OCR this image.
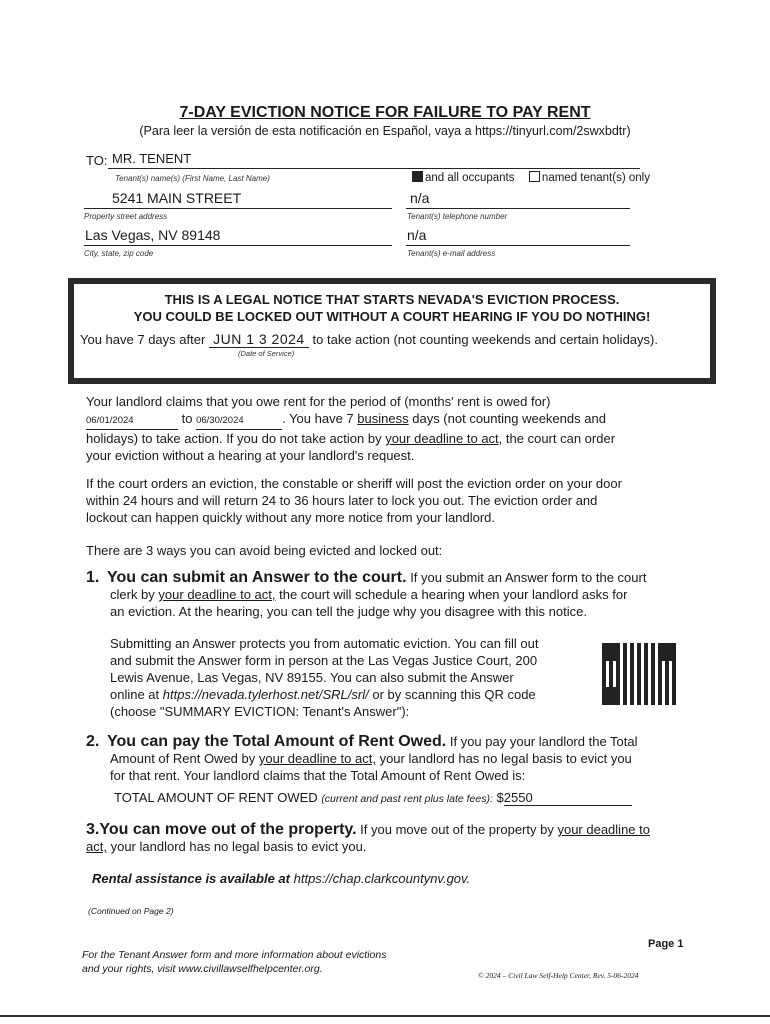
7-DAY EVICTION NOTICE FOR FAILURE TO PAY RENT
(Para leer la versión de esta notificación en Español, vaya a https://tinyurl.com/2swxbdtr)
TO: MR. TENENT
Tenant(s) name(s) (First Name, Last Name)	and all occupants named tenant(s) only
5241 MAIN STREET
Property street address
n/a
Tenant(s) telephone number
Las Vegas, NV 89148
City, state, zip code
n/a
Tenant(s) e-mail address
THIS IS A LEGAL NOTICE THAT STARTS NEVADA'S EVICTION PROCESS.
YOU COULD BE LOCKED OUT WITHOUT A COURT HEARING IF YOU DO NOTHING!
You have 7 days after JUN 1 3 2024 to take action (not counting weekends and certain holidays).
(Date of Service)
Your landlord claims that you owe rent for the period of (months' rent is owed for)
06/01/2024	to 06/30/2024	. You have 7 business days (not counting weekends and
holidays) to take action. If you do not take action by your deadline to act, the court can order
your eviction without a hearing at your landlord's request.
If the court orders an eviction, the constable or sheriff will post the eviction order on your door
within 24 hours and will return 24 to 36 hours later to lock you out. The eviction order and
lockout can happen quickly without any more notice from your landlord.
There are 3 ways you can avoid being evicted and locked out:
1. You can submit an Answer to the court. If you submit an Answer form to the court
clerk by your deadline to act, the court will schedule a hearing when your landlord asks for
an eviction. At the hearing, you can tell the judge why you disagree with this notice.
Submitting an Answer protects you from automatic eviction. You can fill out
and submit the Answer form in person at the Las Vegas Justice Court, 200
Lewis Avenue, Las Vegas, NV 89155. You can also submit the Answer
online at https://nevada.tylerhost.net/SRL/srl/ or by scanning this QR code
(choose "SUMMARY EVICTION: Tenant's Answer"):
2. You can pay the Total Amount of Rent Owed. If you pay your landlord the Total
Amount of Rent Owed by your deadline to act, your landlord has no legal basis to evict you
for that rent. Your landlord claims that the Total Amount of Rent Owed is:
TOTAL AMOUNT OF RENT OWED (current and past rent plus late fees): $2550
3.You can move out of the property. If you move out of the property by your deadline to
act, your landlord has no legal basis to evict you.
Rental assistance is available at https://chap.clarkcountynv.gov.
(Continued on Page 2)
For the Tenant Answer form and more information about evictions
and your rights, visit www.civillawselfhelpcenter.org.
Page 1
© 2024 – Civil Law Self-Help Center, Rev. 5-06-2024
